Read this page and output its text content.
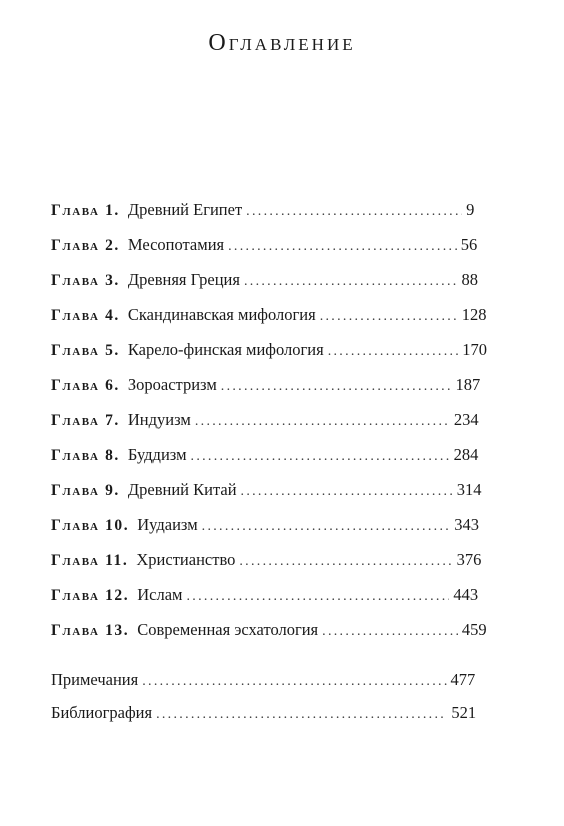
Оглавление
Глава 1. Древний Египет . . .	9
Глава 2. Месопотамия . . .	56
Глава 3. Древняя Греция . . .	88
Глава 4. Скандинавская мифология . . .	128
Глава 5. Карело-финская мифология . . .	170
Глава 6. Зороастризм . . .	187
Глава 7. Индуизм . . .	234
Глава 8. Буддизм . . .	284
Глава 9. Древний Китай . . .	314
Глава 10. Иудаизм . . .	343
Глава 11. Христианство . . .	376
Глава 12. Ислам . . .	443
Глава 13. Современная эсхатология . . .	459
Примечания . . .	477
Библиография . . .	521
